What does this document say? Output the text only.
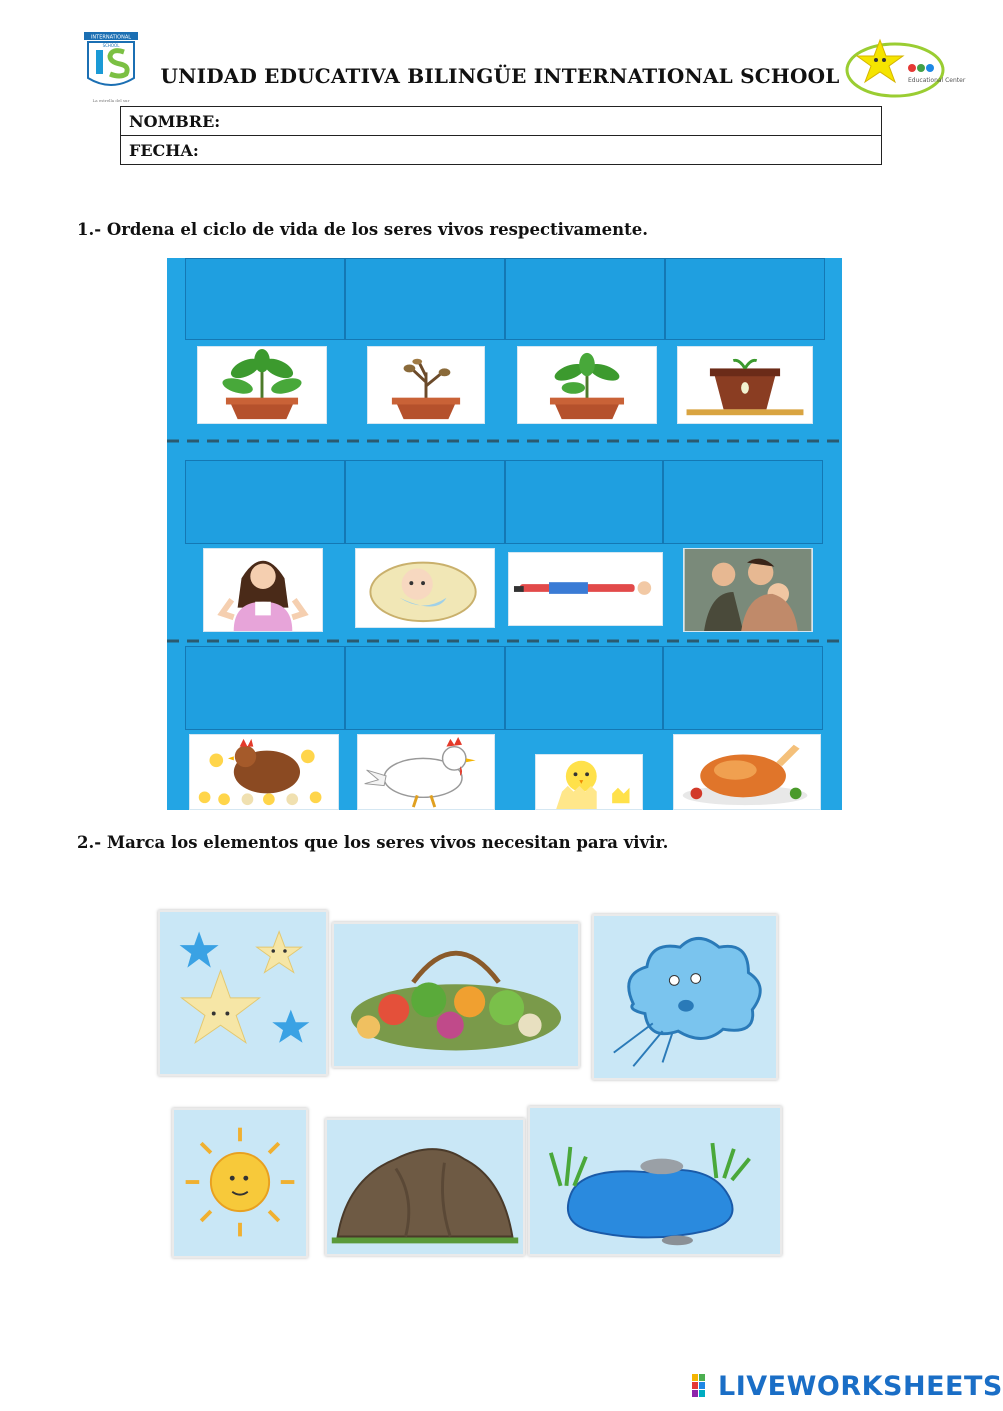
INTERNATIONAL
SCHOOL
La estrella del sur
UNIDAD EDUCATIVA BILINGÜE INTERNATIONAL SCHOOL	Educational Center
NOMBRE:
FECHA:
1.- Ordena el ciclo de vida de los seres vivos respectivamente.
2.- Marca los elementos que los seres vivos necesitan para vivir.
LIVEWORKSHEETS
